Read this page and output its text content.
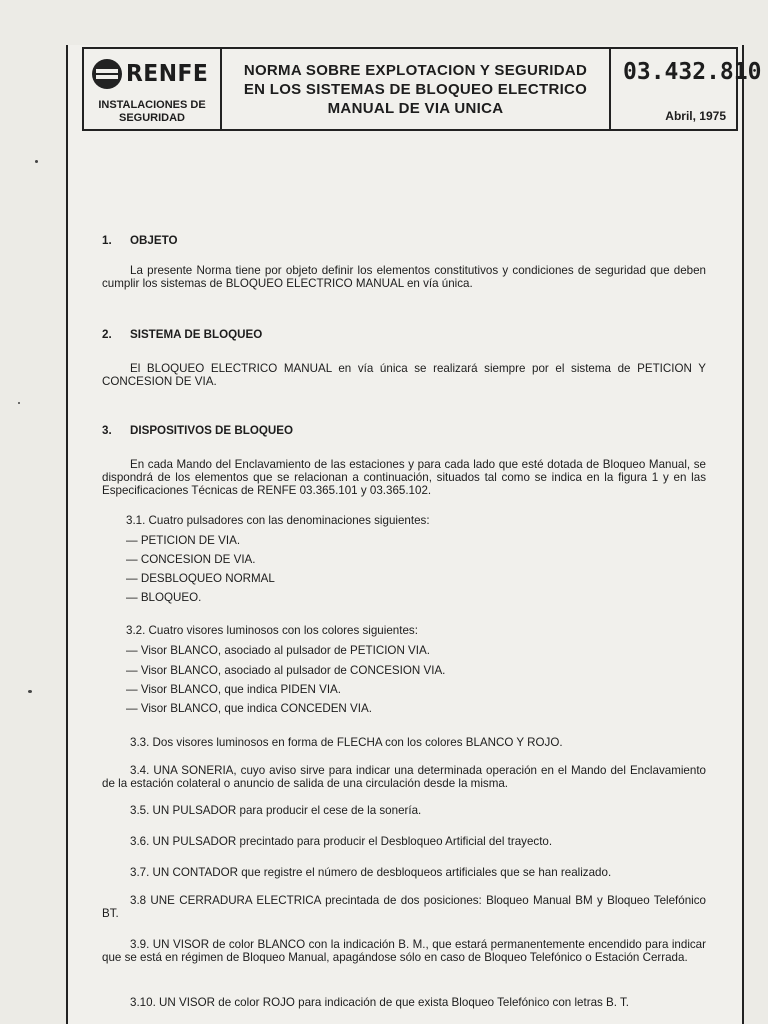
RENFE
INSTALACIONES DE SEGURIDAD
NORMA SOBRE EXPLOTACION Y SEGURIDAD
EN LOS SISTEMAS DE BLOQUEO ELECTRICO
MANUAL DE VIA UNICA
03.432.810
Abril, 1975
1. OBJETO
La presente Norma tiene por objeto definir los elementos constitutivos y condiciones de seguridad que deben cumplir los sistemas de BLOQUEO ELECTRICO MANUAL en vía única.
2. SISTEMA DE BLOQUEO
El BLOQUEO ELECTRICO MANUAL en vía única se realizará siempre por el sistema de PETICION Y CONCESION DE VIA.
3. DISPOSITIVOS DE BLOQUEO
En cada Mando del Enclavamiento de las estaciones y para cada lado que esté dotada de Bloqueo Manual, se dispondrá de los elementos que se relacionan a continuación, situados tal como se indica en la figura 1 y en las Especificaciones Técnicas de RENFE 03.365.101 y 03.365.102.
3.1. Cuatro pulsadores con las denominaciones siguientes:
— PETICION DE VIA.
— CONCESION DE VIA.
— DESBLOQUEO NORMAL
— BLOQUEO.
3.2. Cuatro visores luminosos con los colores siguientes:
— Visor BLANCO, asociado al pulsador de PETICION VIA.
— Visor BLANCO, asociado al pulsador de CONCESION VIA.
— Visor BLANCO, que indica PIDEN VIA.
— Visor BLANCO, que indica CONCEDEN VIA.
3.3. Dos visores luminosos en forma de FLECHA con los colores BLANCO Y ROJO.
3.4. UNA SONERIA, cuyo aviso sirve para indicar una determinada operación en el Mando del Enclavamiento de la estación colateral o anuncio de salida de una circulación desde la misma.
3.5. UN PULSADOR para producir el cese de la sonería.
3.6. UN PULSADOR precintado para producir el Desbloqueo Artificial del trayecto.
3.7. UN CONTADOR que registre el número de desbloqueos artificiales que se han realizado.
3.8 UNE CERRADURA ELECTRICA precintada de dos posiciones: Bloqueo Manual BM y Bloqueo Telefónico BT.
3.9. UN VISOR de color BLANCO con la indicación B. M., que estará permanentemente encendido para indicar que se está en régimen de Bloqueo Manual, apagándose sólo en caso de Bloqueo Telefónico o Estación Cerrada.
3.10. UN VISOR de color ROJO para indicación de que exista Bloqueo Telefónico con letras B. T.
